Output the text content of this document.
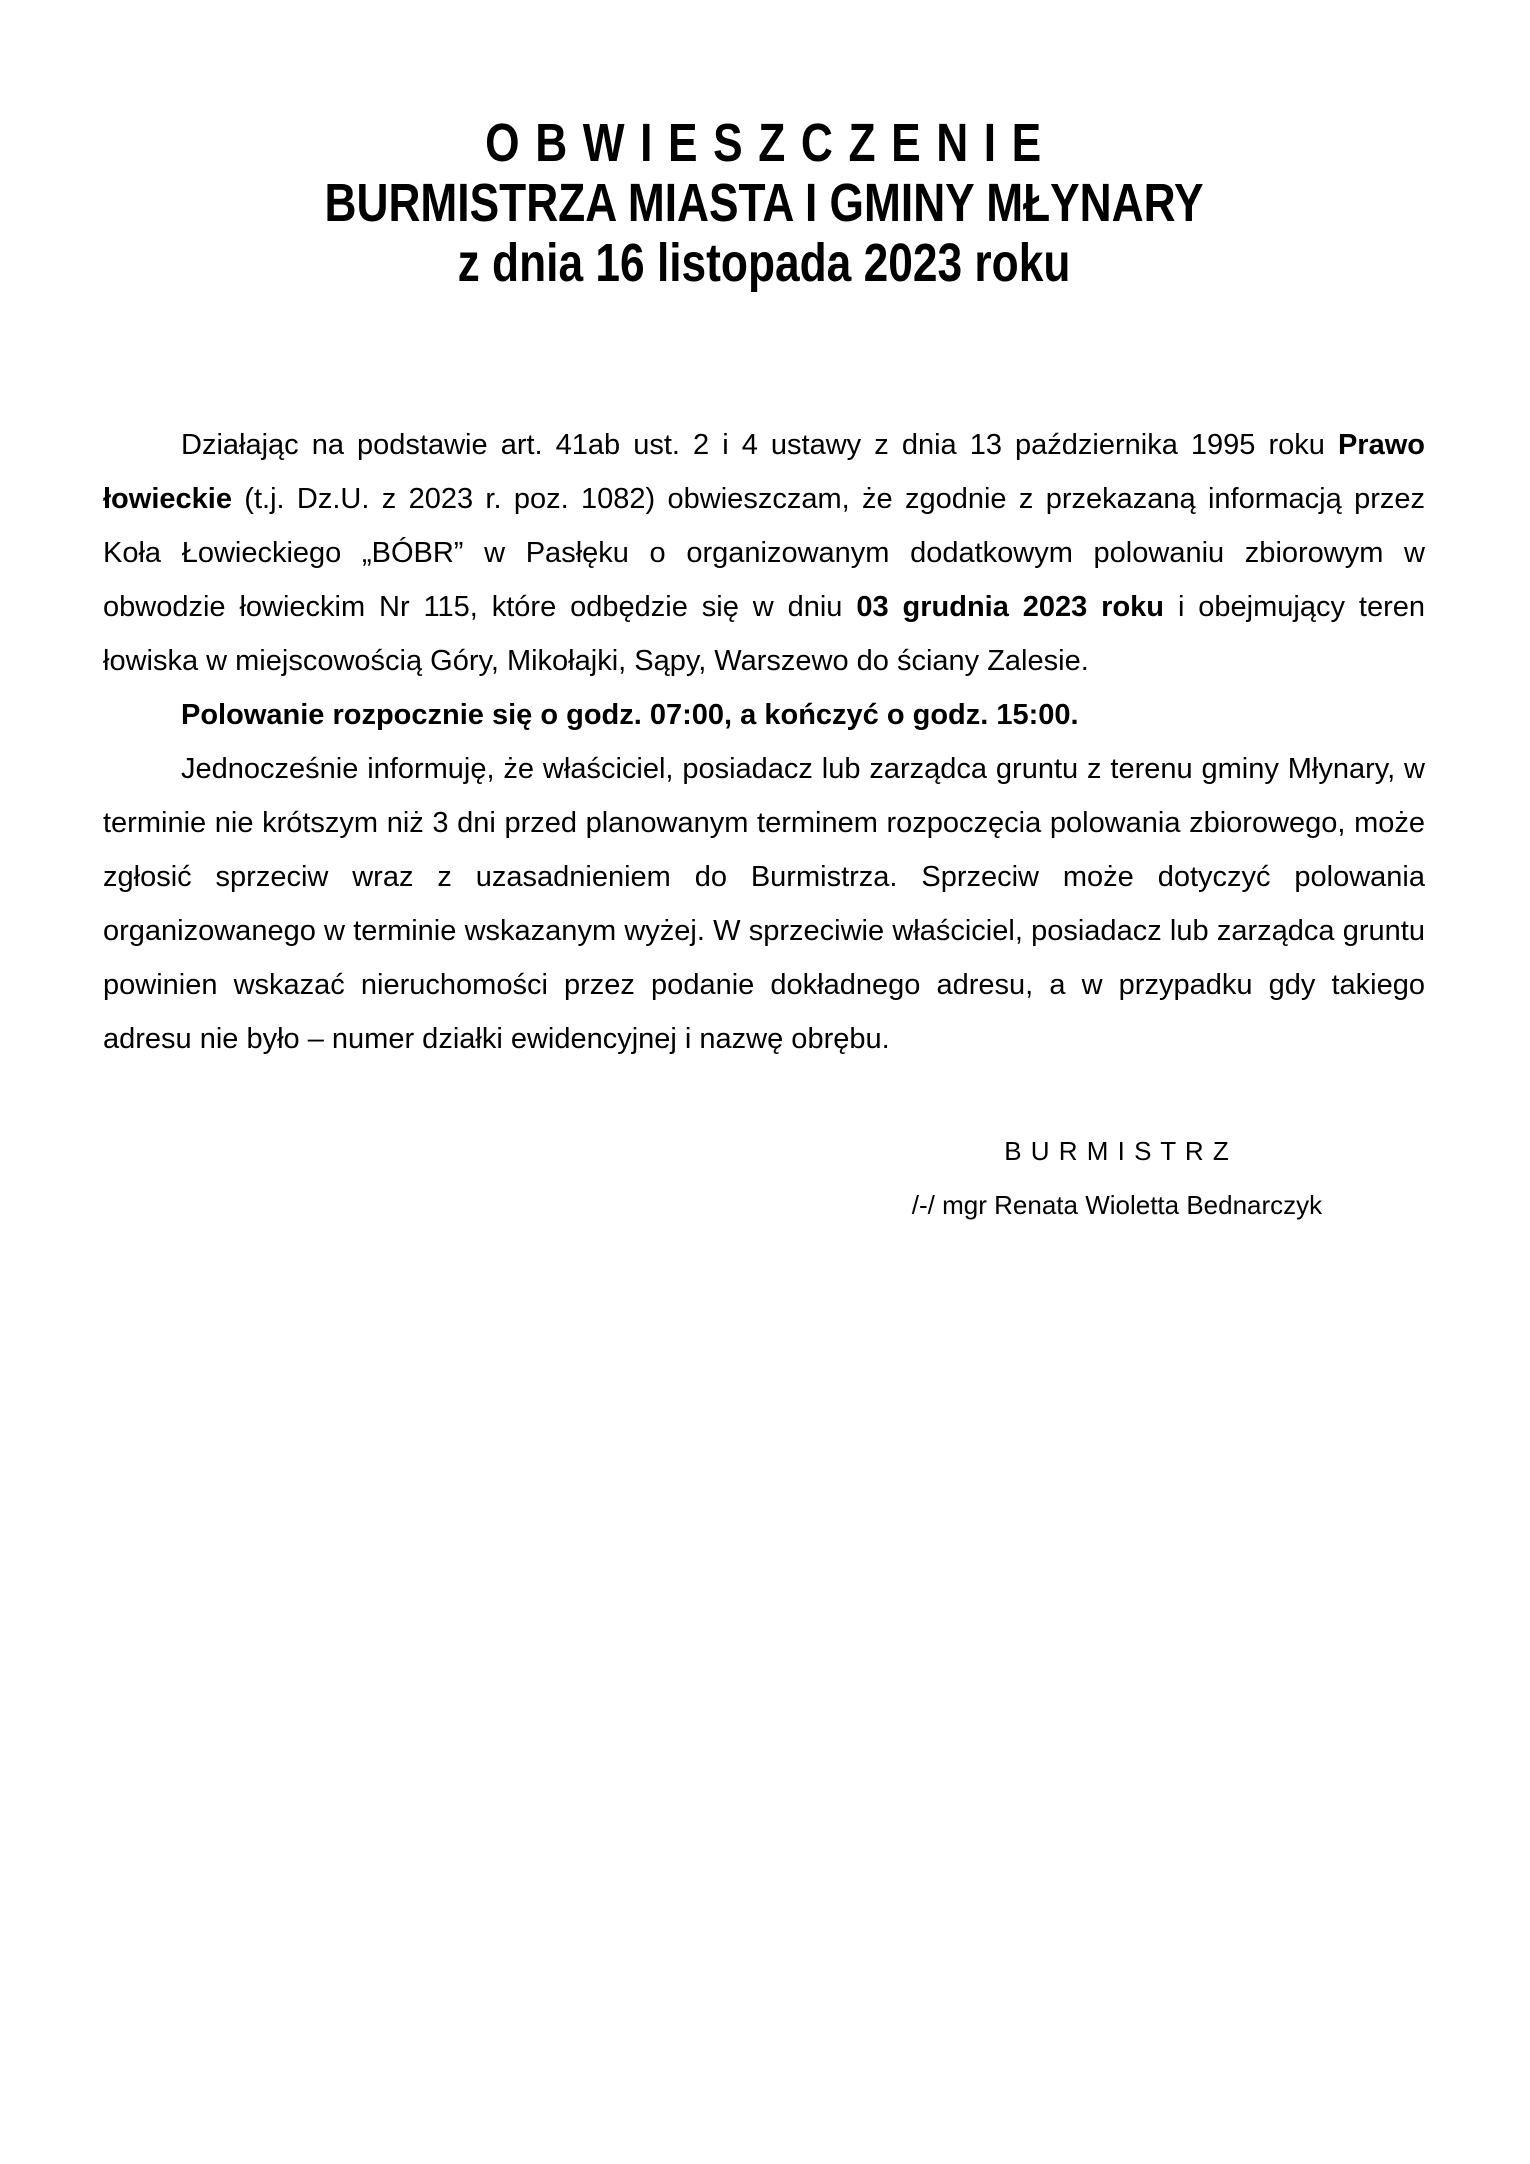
O B W I E S Z C Z E N I E
BURMISTRZA MIASTA I GMINY MŁYNARY
z dnia 16 listopada 2023 roku

Działając na podstawie art. 41ab ust. 2 i 4 ustawy z dnia 13 października 1995 roku Prawo łowieckie (t.j. Dz.U. z 2023 r. poz. 1082) obwieszczam, że zgodnie z przekazaną informacją przez Koła Łowieckiego „BÓBR” w Pasłęku o organizowanym dodatkowym polowaniu zbiorowym w obwodzie łowieckim Nr 115, które odbędzie się w dniu 03 grudnia 2023 roku i obejmujący teren łowiska w miejscowością Góry, Mikołajki, Sąpy, Warszewo do ściany Zalesie.

Polowanie rozpocznie się o godz. 07:00, a kończyć o godz. 15:00.

Jednocześnie informuję, że właściciel, posiadacz lub zarządca gruntu z terenu gminy Młynary, w terminie nie krótszym niż 3 dni przed planowanym terminem rozpoczęcia polowania zbiorowego, może zgłosić sprzeciw wraz z uzasadnieniem do Burmistrza. Sprzeciw może dotyczyć polowania organizowanego w terminie wskazanym wyżej. W sprzeciwie właściciel, posiadacz lub zarządca gruntu powinien wskazać nieruchomości przez podanie dokładnego adresu, a w przypadku gdy takiego adresu nie było – numer działki ewidencyjnej i nazwę obrębu.

B U R M I S T R Z
/-/ mgr Renata Wioletta Bednarczyk
